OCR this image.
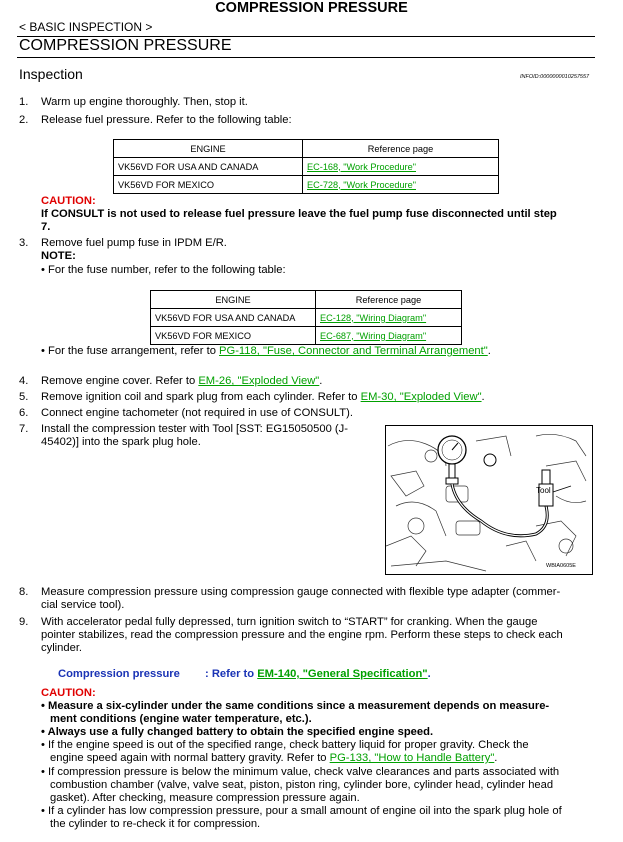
COMPRESSION PRESSURE
< BASIC INSPECTION >
COMPRESSION PRESSURE
Inspection	INFOID:0000000010257557
1.	Warm up engine thoroughly. Then, stop it.
2.	Release fuel pressure. Refer to the following table:
ENGINE	Reference page
VK56VD FOR USA AND CANADA	EC-168, "Work Procedure"
VK56VD FOR MEXICO	EC-728, "Work Procedure"
CAUTION:
If CONSULT is not used to release fuel pressure leave the fuel pump fuse disconnected until step
7.
3.	Remove fuel pump fuse in IPDM E/R.
NOTE:
• For the fuse number, refer to the following table:
ENGINE	Reference page
VK56VD FOR USA AND CANADA	EC-128, "Wiring Diagram"
VK56VD FOR MEXICO	EC-687, "Wiring Diagram"
• For the fuse arrangement, refer to PG-118, "Fuse, Connector and Terminal Arrangement".
4.	Remove engine cover. Refer to EM-26, "Exploded View".
5.	Remove ignition coil and spark plug from each cylinder. Refer to EM-30, "Exploded View".
6.	Connect engine tachometer (not required in use of CONSULT).
7.	Install the compression tester with Tool [SST: EG15050500 (J-
45402)] into the spark plug hole.
Tool
WBIA0605E
8.	Measure compression pressure using compression gauge connected with flexible type adapter (commer-
cial service tool).
9.	With accelerator pedal fully depressed, turn ignition switch to “START” for cranking. When the gauge
pointer stabilizes, read the compression pressure and the engine rpm. Perform these steps to check each
cylinder.
Compression pressure : Refer to EM-140, "General Specification".
CAUTION:
• Measure a six-cylinder under the same conditions since a measurement depends on measure-
ment conditions (engine water temperature, etc.).
• Always use a fully changed battery to obtain the specified engine speed.
• If the engine speed is out of the specified range, check battery liquid for proper gravity. Check the
engine speed again with normal battery gravity. Refer to PG-133, "How to Handle Battery".
• If compression pressure is below the minimum value, check valve clearances and parts associated with
combustion chamber (valve, valve seat, piston, piston ring, cylinder bore, cylinder head, cylinder head
gasket). After checking, measure compression pressure again.
• If a cylinder has low compression pressure, pour a small amount of engine oil into the spark plug hole of
the cylinder to re-check it for compression.
